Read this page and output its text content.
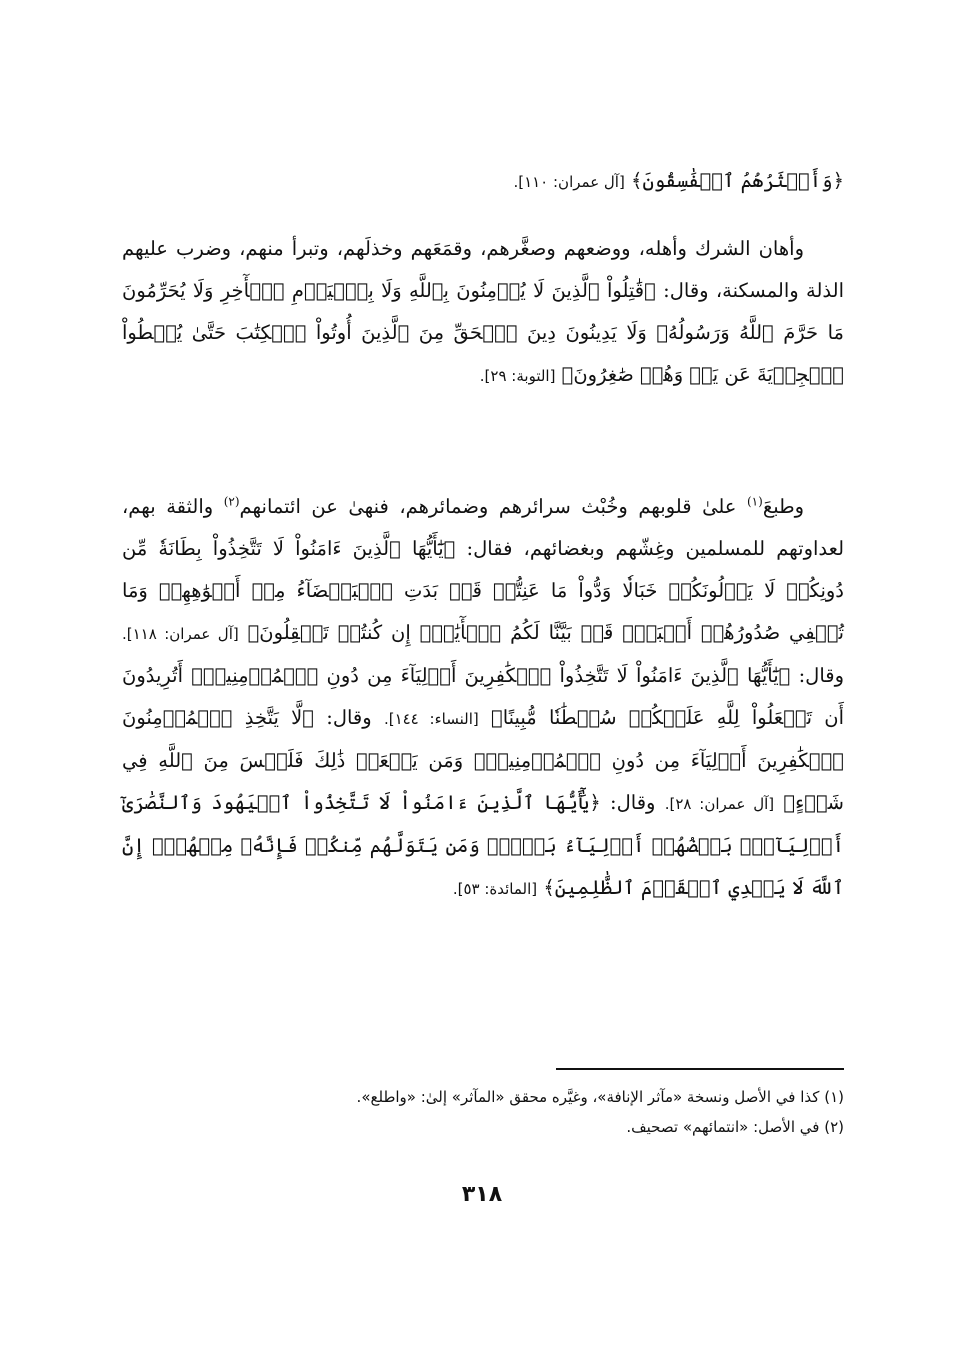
﴿وَأَكۡثَرُهُمُ ٱلۡفَٰسِقُونَ﴾ [آل عمران: ١١٠].

وأهان الشرك وأهله، ووضعهم وصغَّرهم، وقمَعَهم وخذلَهم، وتبرأ منهم، وضرب عليهم الذلة والمسكنة، وقال: ﴿قَٰتِلُواْ ٱلَّذِينَ لَا يُؤۡمِنُونَ بِٱللَّهِ وَلَا بِٱلۡيَوۡمِ ٱلۡأٓخِرِ وَلَا يُحَرِّمُونَ مَا حَرَّمَ ٱللَّهُ وَرَسُولُهُۥ وَلَا يَدِينُونَ دِينَ ٱلۡحَقِّ مِنَ ٱلَّذِينَ أُوتُواْ ٱلۡكِتَٰبَ حَتَّىٰ يُعۡطُواْ ٱلۡجِزۡيَةَ عَن يَدٖ وَهُمۡ صَٰغِرُونَ﴾ [التوبة: ٢٩].

وطبعَ$^{(١)}$ علىٰ قلوبهم وخُبْث سرائرهم وضمائرهم، فنهىٰ عن ائتمانهم$^{(٢)}$ والثقة بهم، لعداوتهم للمسلمين وغِشّهم وبغضائهم، فقال: ﴿يَٰٓأَيُّهَا ٱلَّذِينَ ءَامَنُواْ لَا تَتَّخِذُواْ بِطَانَةٗ مِّن دُونِكُمۡ لَا يَأۡلُونَكُمۡ خَبَالٗا وَدُّواْ مَا عَنِتُّمۡ قَدۡ بَدَتِ ٱلۡبَغۡضَآءُ مِنۡ أَفۡوَٰهِهِمۡ وَمَا تُخۡفِي صُدُورُهُمۡ أَكۡبَرُۚ قَدۡ بَيَّنَّا لَكُمُ ٱلۡأٓيَٰتِۖ إِن كُنتُمۡ تَعۡقِلُونَ﴾ [آل عمران: ١١٨]. وقال: ﴿يَٰٓأَيُّهَا ٱلَّذِينَ ءَامَنُواْ لَا تَتَّخِذُواْ ٱلۡكَٰفِرِينَ أَوۡلِيَآءَ مِن دُونِ ٱلۡمُؤۡمِنِينَۚ أَتُرِيدُونَ أَن تَجۡعَلُواْ لِلَّهِ عَلَيۡكُمۡ سُلۡطَٰنٗا مُّبِينًا﴾ [النساء: ١٤٤]. وقال: ﴿لَّا يَتَّخِذِ ٱلۡمُؤۡمِنُونَ ٱلۡكَٰفِرِينَ أَوۡلِيَآءَ مِن دُونِ ٱلۡمُؤۡمِنِينَۖ وَمَن يَفۡعَلۡ ذَٰلِكَ فَلَيۡسَ مِنَ ٱللَّهِ فِي شَيۡءٍ﴾ [آل عمران: ٢٨]. وقال: ﴿يَٰٓأَيُّهَا ٱلَّذِينَ ءَامَنُواْ لَا تَتَّخِذُواْ ٱلۡيَهُودَ وَٱلنَّصَٰرَىٰٓ أَوۡلِيَآءَۘ بَعۡضُهُمۡ أَوۡلِيَآءُ بَعۡضٖۚ وَمَن يَتَوَلَّهُم مِّنكُمۡ فَإِنَّهُۥ مِنۡهُمۡۗ إِنَّ ٱللَّهَ لَا يَهۡدِي ٱلۡقَوۡمَ ٱلظَّٰلِمِينَ﴾ [المائدة: ٥٣].

(١) كذا في الأصل ونسخة «مآثر الإنافة»، وغيَّره محقق «المآثر» إلىٰ: «واطلع».

(٢) في الأصل: «انتمائهم» تصحيف.

٣١٨
